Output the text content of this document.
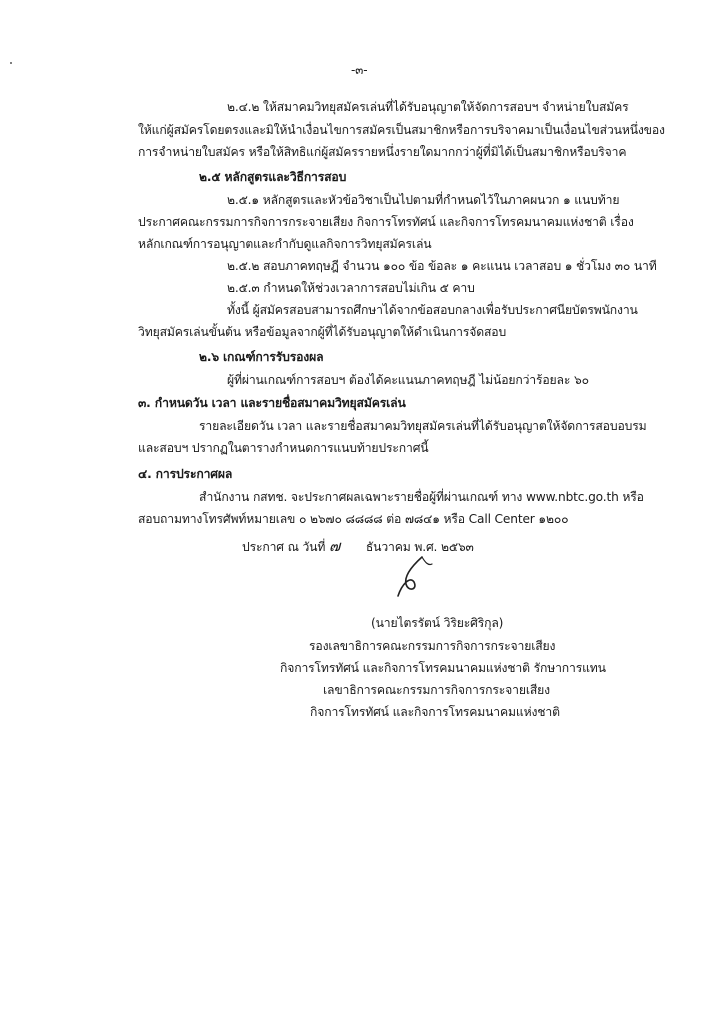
-๓-
๒.๔.๒ ให้สมาคมวิทยุสมัครเล่นที่ได้รับอนุญาตให้จัดการสอบฯ จำหน่ายใบสมัคร
ให้แก่ผู้สมัครโดยตรงและมิให้นำเงื่อนไขการสมัครเป็นสมาชิกหรือการบริจาคมาเป็นเงื่อนไขส่วนหนึ่งของ
การจำหน่ายใบสมัคร หรือให้สิทธิแก่ผู้สมัครรายหนึ่งรายใดมากกว่าผู้ที่มิได้เป็นสมาชิกหรือบริจาค
๒.๕ หลักสูตรและวิธีการสอบ
๒.๕.๑ หลักสูตรและหัวข้อวิชาเป็นไปตามที่กำหนดไว้ในภาคผนวก ๑ แนบท้าย
ประกาศคณะกรรมการกิจการกระจายเสียง กิจการโทรทัศน์ และกิจการโทรคมนาคมแห่งชาติ เรื่อง
หลักเกณฑ์การอนุญาตและกำกับดูแลกิจการวิทยุสมัครเล่น
๒.๕.๒ สอบภาคทฤษฎี จำนวน ๑๐๐ ข้อ ข้อละ ๑ คะแนน เวลาสอบ ๑ ชั่วโมง ๓๐ นาที
๒.๕.๓ กำหนดให้ช่วงเวลาการสอบไม่เกิน ๕ คาบ
ทั้งนี้ ผู้สมัครสอบสามารถศึกษาได้จากข้อสอบกลางเพื่อรับประกาศนียบัตรพนักงาน
วิทยุสมัครเล่นขั้นต้น หรือข้อมูลจากผู้ที่ได้รับอนุญาตให้ดำเนินการจัดสอบ
๒.๖ เกณฑ์การรับรองผล
ผู้ที่ผ่านเกณฑ์การสอบฯ ต้องได้คะแนนภาคทฤษฎี ไม่น้อยกว่าร้อยละ ๖๐
๓. กำหนดวัน เวลา และรายชื่อสมาคมวิทยุสมัครเล่น
รายละเอียดวัน เวลา และรายชื่อสมาคมวิทยุสมัครเล่นที่ได้รับอนุญาตให้จัดการสอบอบรม
และสอบฯ ปรากฏในตารางกำหนดการแนบท้ายประกาศนี้
๔. การประกาศผล
สำนักงาน กสทช. จะประกาศผลเฉพาะรายชื่อผู้ที่ผ่านเกณฑ์ ทาง www.nbtc.go.th หรือ
สอบถามทางโทรศัพท์หมายเลข ๐ ๒๖๗๐ ๘๘๘๘ ต่อ ๗๘๔๑ หรือ Call Center ๑๒๐๐
ประกาศ ณ วันที่ ๗ ธันวาคม พ.ศ. ๒๕๖๓
(นายไตรรัตน์ วิริยะศิริกุล)
รองเลขาธิการคณะกรรมการกิจการกระจายเสียง
กิจการโทรทัศน์ และกิจการโทรคมนาคมแห่งชาติ รักษาการแทน
เลขาธิการคณะกรรมการกิจการกระจายเสียง
กิจการโทรทัศน์ และกิจการโทรคมนาคมแห่งชาติ
